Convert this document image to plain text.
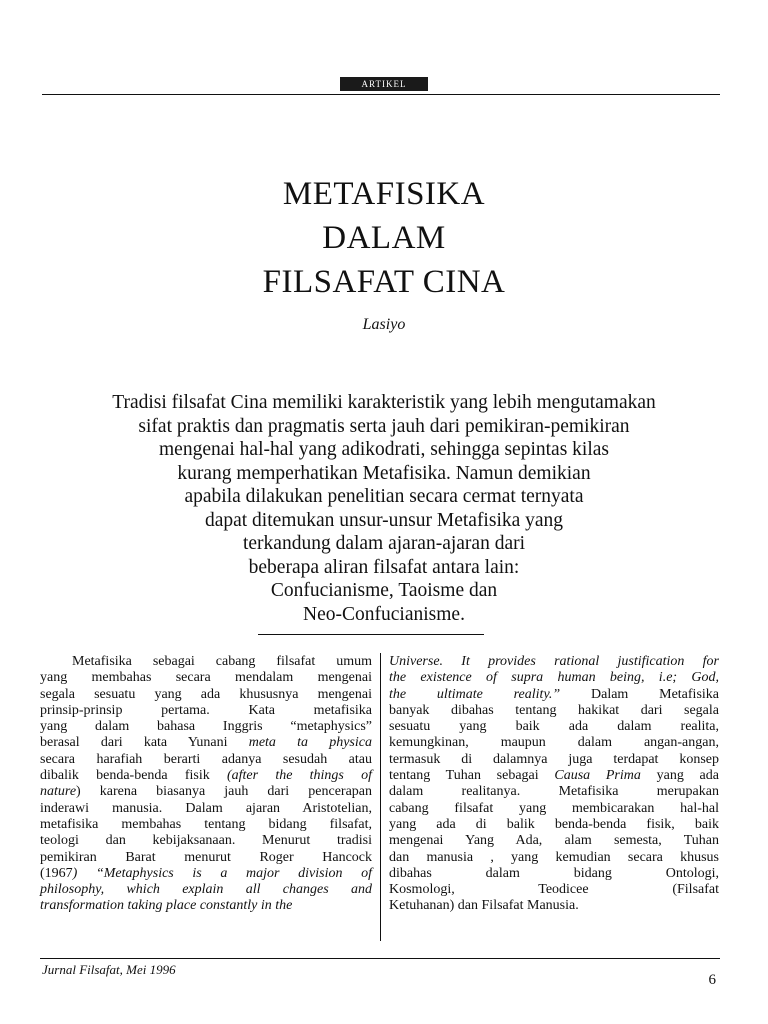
ARTIKEL
METAFISIKA
DALAM
FILSAFAT CINA
Lasiyo
Tradisi filsafat Cina memiliki karakteristik yang lebih mengutamakan
sifat praktis dan pragmatis serta jauh dari pemikiran-pemikiran
mengenai hal-hal yang adikodrati, sehingga sepintas kilas
kurang memperhatikan Metafisika. Namun demikian
apabila dilakukan penelitian secara cermat ternyata
dapat ditemukan unsur-unsur Metafisika yang
terkandung dalam ajaran-ajaran dari
beberapa aliran filsafat antara lain:
Confucianisme, Taoisme dan
Neo-Confucianisme.
Metafisika sebagai cabang filsafat umum
yang membahas secara mendalam mengenai
segala sesuatu yang ada khususnya mengenai
prinsip-prinsip pertama. Kata metafisika
yang dalam bahasa Inggris “metaphysics”
berasal dari kata Yunani meta ta physica
secara harafiah berarti adanya sesudah atau
dibalik benda-benda fisik (after the things of
nature) karena biasanya jauh dari pencerapan
inderawi manusia. Dalam ajaran Aristotelian,
metafisika membahas tentang bidang filsafat,
teologi dan kebijaksanaan. Menurut tradisi
pemikiran Barat menurut Roger Hancock
(1967) “Metaphysics is a major division of
philosophy, which explain all changes and
transformation taking place constantly in the
Universe. It provides rational justification for
the existence of supra human being, i.e; God,
the ultimate reality.” Dalam Metafisika
banyak dibahas tentang hakikat dari segala
sesuatu yang baik ada dalam realita,
kemungkinan, maupun dalam angan-angan,
termasuk di dalamnya juga terdapat konsep
tentang Tuhan sebagai Causa Prima yang ada
dalam realitanya. Metafisika merupakan
cabang filsafat yang membicarakan hal-hal
yang ada di balik benda-benda fisik, baik
mengenai Yang Ada, alam semesta, Tuhan
dan manusia , yang kemudian secara khusus
dibahas dalam bidang Ontologi,
Kosmologi, Teodicee (Filsafat
Ketuhanan) dan Filsafat Manusia.
Jurnal Filsafat, Mei 1996
6
